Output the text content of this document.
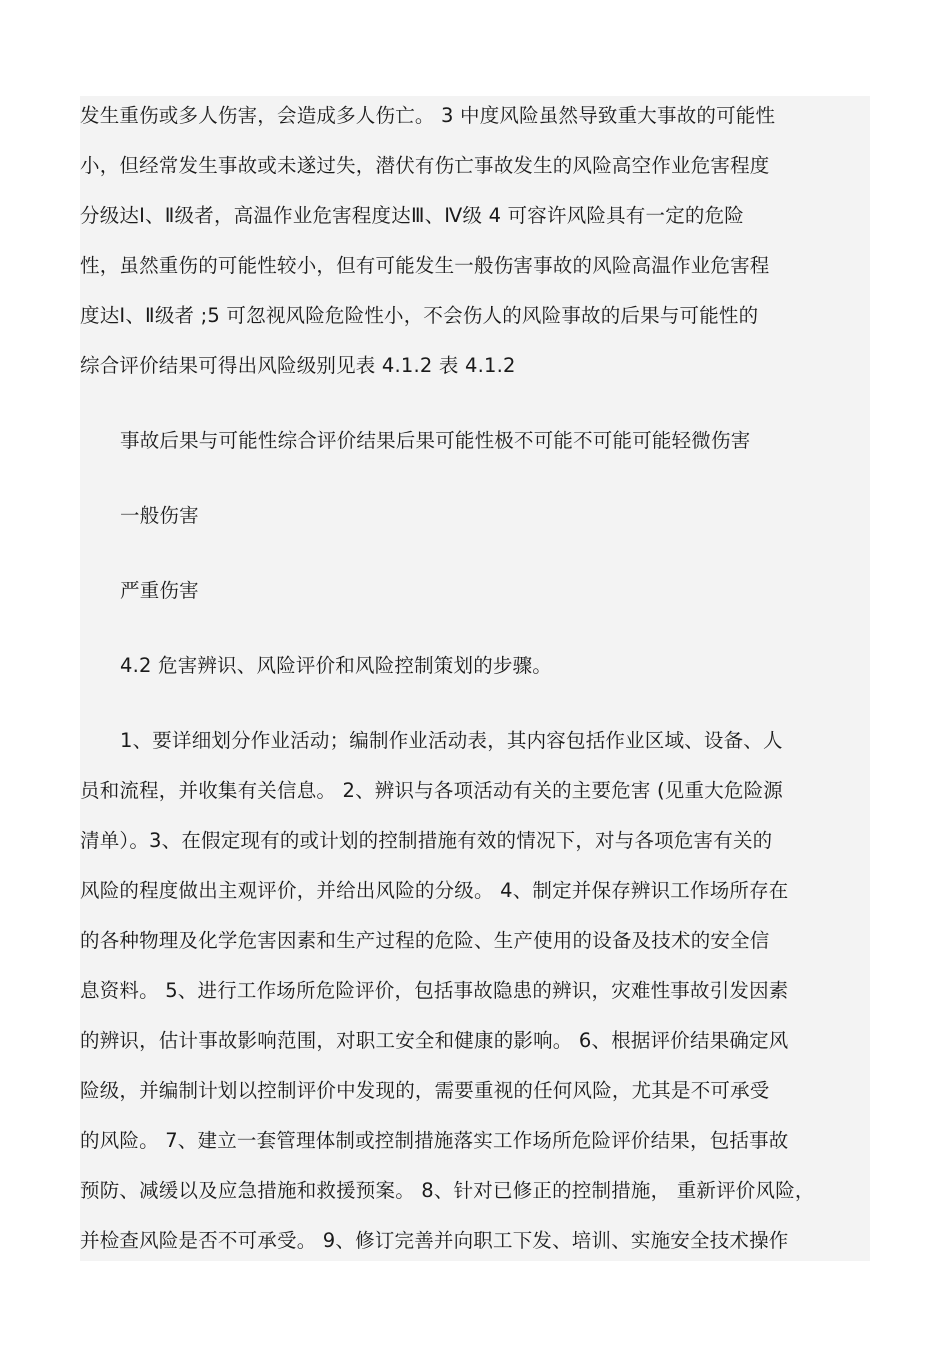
发生重伤或多人伤害，会造成多人伤亡。 3 中度风险虽然导致重大事故的可能性
小，但经常发生事故或未遂过失，潜伏有伤亡事故发生的风险高空作业危害程度
分级达Ⅰ、Ⅱ级者，高温作业危害程度达Ⅲ、Ⅳ级 4 可容许风险具有一定的危险
性，虽然重伤的可能性较小，但有可能发生一般伤害事故的风险高温作业危害程
度达Ⅰ、Ⅱ级者 ;5 可忽视风险危险性小，不会伤人的风险事故的后果与可能性的
综合评价结果可得出风险级别见表 4.1.2 表 4.1.2
事故后果与可能性综合评价结果后果可能性极不可能不可能可能轻微伤害
一般伤害
严重伤害
4.2 危害辨识、风险评价和风险控制策划的步骤。
1、要详细划分作业活动；编制作业活动表，其内容包括作业区域、设备、人
员和流程，并收集有关信息。 2、辨识与各项活动有关的主要危害 (见重大危险源
清单）。3、在假定现有的或计划的控制措施有效的情况下，对与各项危害有关的
风险的程度做出主观评价，并给出风险的分级。 4、制定并保存辨识工作场所存在
的各种物理及化学危害因素和生产过程的危险、生产使用的设备及技术的安全信
息资料。 5、进行工作场所危险评价，包括事故隐患的辨识，灾难性事故引发因素
的辨识，估计事故影响范围，对职工安全和健康的影响。 6、根据评价结果确定风
险级，并编制计划以控制评价中发现的，需要重视的任何风险，尤其是不可承受
的风险。 7、建立一套管理体制或控制措施落实工作场所危险评价结果，包括事故
预防、减缓以及应急措施和救援预案。 8、针对已修正的控制措施， 重新评价风险，
并检查风险是否不可承受。 9、修订完善并向职工下发、培训、实施安全技术操作
